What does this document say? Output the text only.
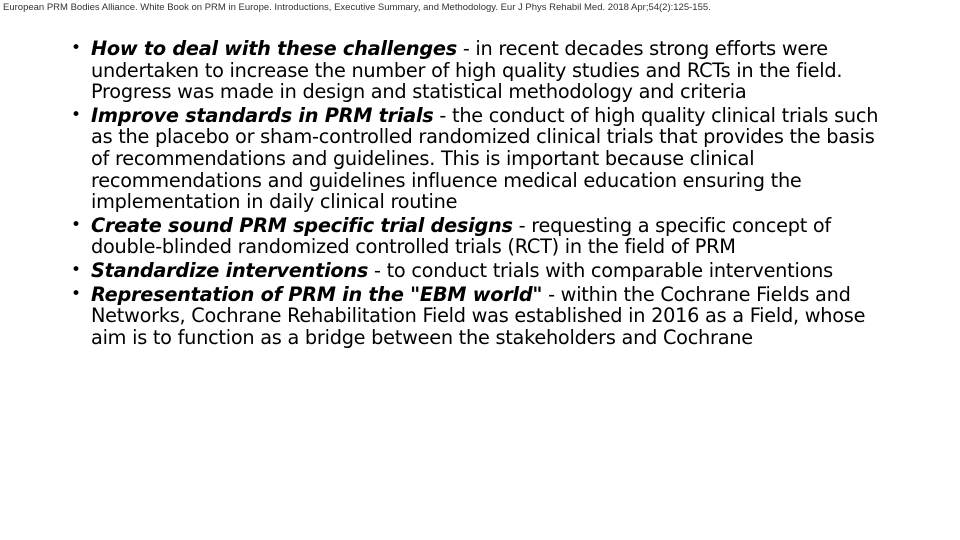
European PRM Bodies Alliance. White Book on PRM in Europe. Introductions, Executive Summary, and Methodology. Eur J Phys Rehabil Med. 2018 Apr;54(2):125-155.
• How to deal with these challenges - in recent decades strong efforts were undertaken to increase the number of high quality studies and RCTs in the field. Progress was made in design and statistical methodology and criteria
• Improve standards in PRM trials - the conduct of high quality clinical trials such as the placebo or sham-controlled randomized clinical trials that provides the basis of recommendations and guidelines. This is important because clinical recommendations and guidelines influence medical education ensuring the implementation in daily clinical routine
• Create sound PRM specific trial designs - requesting a specific concept of double-blinded randomized controlled trials (RCT) in the field of PRM
• Standardize interventions - to conduct trials with comparable interventions
• Representation of PRM in the "EBM world" - within the Cochrane Fields and Networks, Cochrane Rehabilitation Field was established in 2016 as a Field, whose aim is to function as a bridge between the stakeholders and Cochrane
